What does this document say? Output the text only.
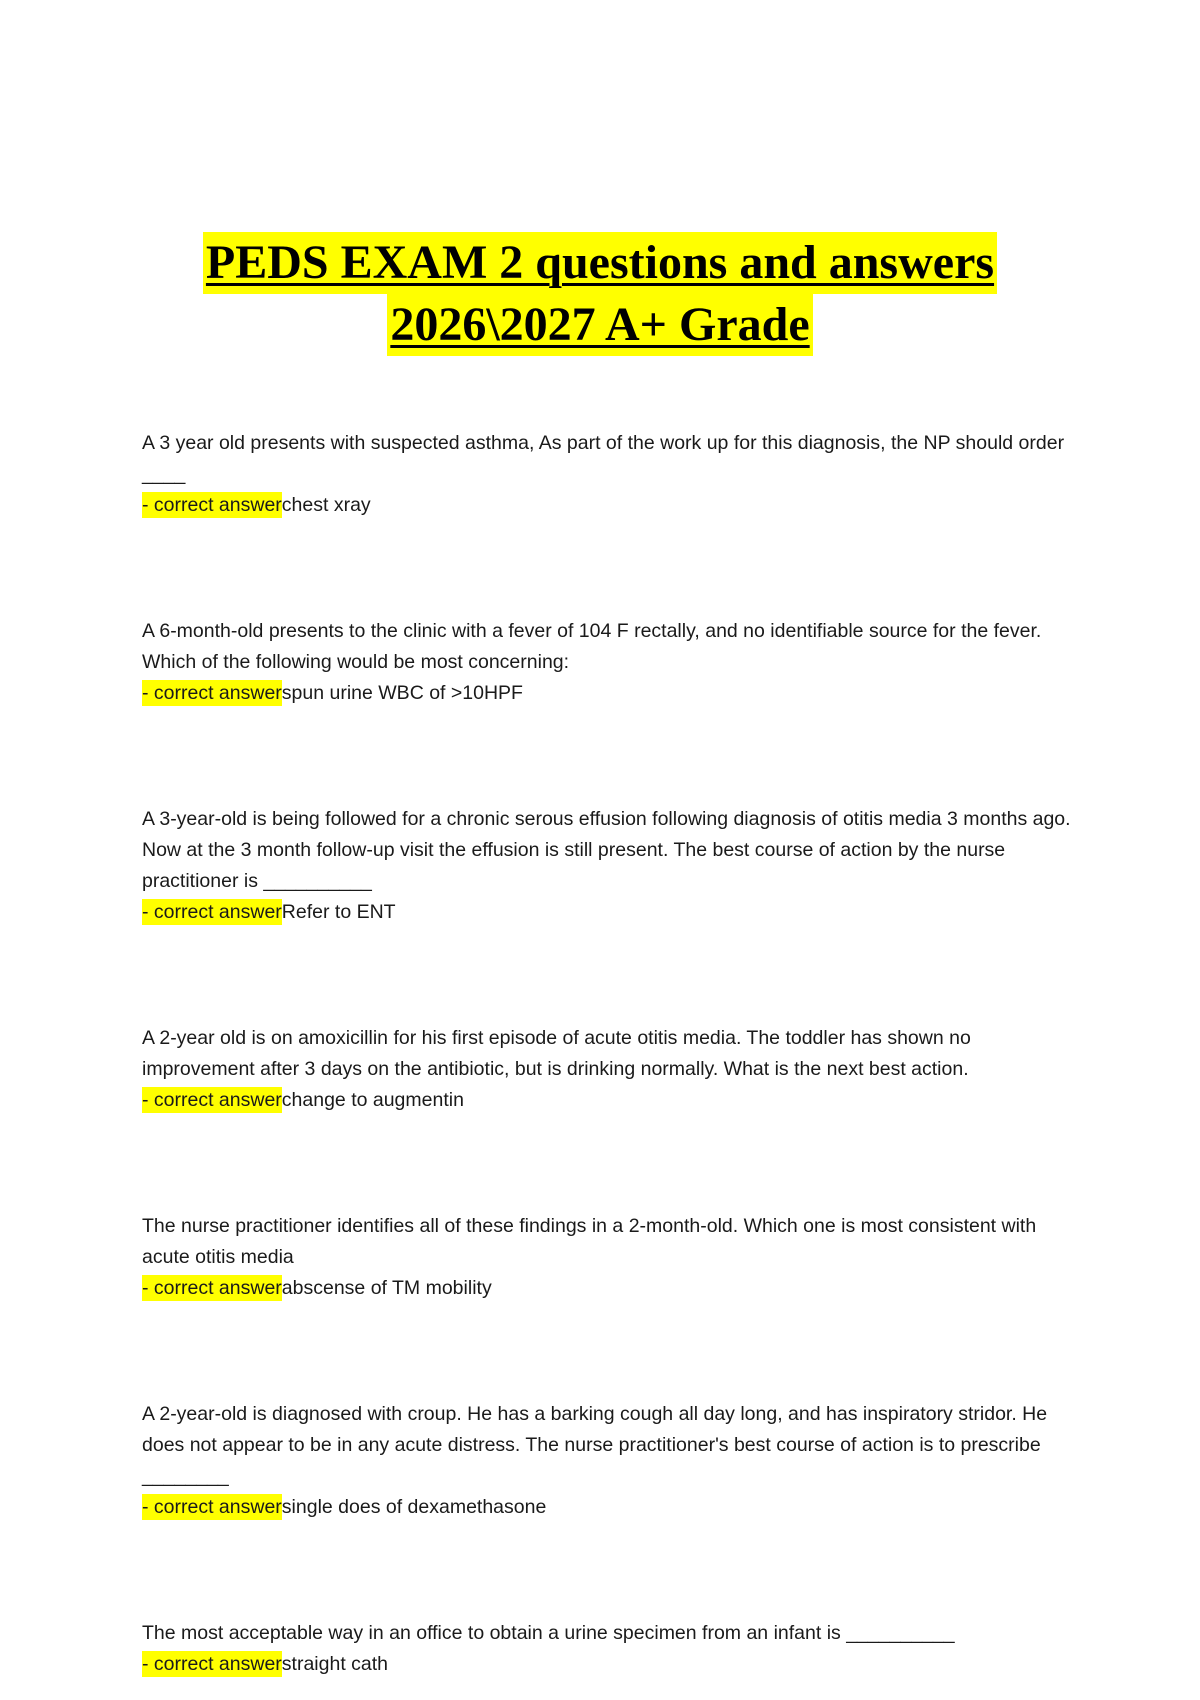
PEDS EXAM 2 questions and answers
2026\2027 A+ Grade

A 3 year old presents with suspected asthma, As part of the work up for this diagnosis, the NP should order ____

- correct answerchest xray

A 6-month-old presents to the clinic with a fever of 104 F rectally, and no identifiable source for the fever. Which of the following would be most concerning:

- correct answerspun urine WBC of >10HPF

A 3-year-old is being followed for a chronic serous effusion following diagnosis of otitis media 3 months ago. Now at the 3 month follow-up visit the effusion is still present. The best course of action by the nurse practitioner is __________

- correct answerRefer to ENT

A 2-year old is on amoxicillin for his first episode of acute otitis media. The toddler has shown no improvement after 3 days on the antibiotic, but is drinking normally. What is the next best action.

- correct answerchange to augmentin

The nurse practitioner identifies all of these findings in a 2-month-old. Which one is most consistent with acute otitis media

- correct answerabscense of TM mobility

A 2-year-old is diagnosed with croup. He has a barking cough all day long, and has inspiratory stridor. He does not appear to be in any acute distress. The nurse practitioner's best course of action is to prescribe ________

- correct answersingle does of dexamethasone

The most acceptable way in an office to obtain a urine specimen from an infant is __________

- correct answerstraight cath
